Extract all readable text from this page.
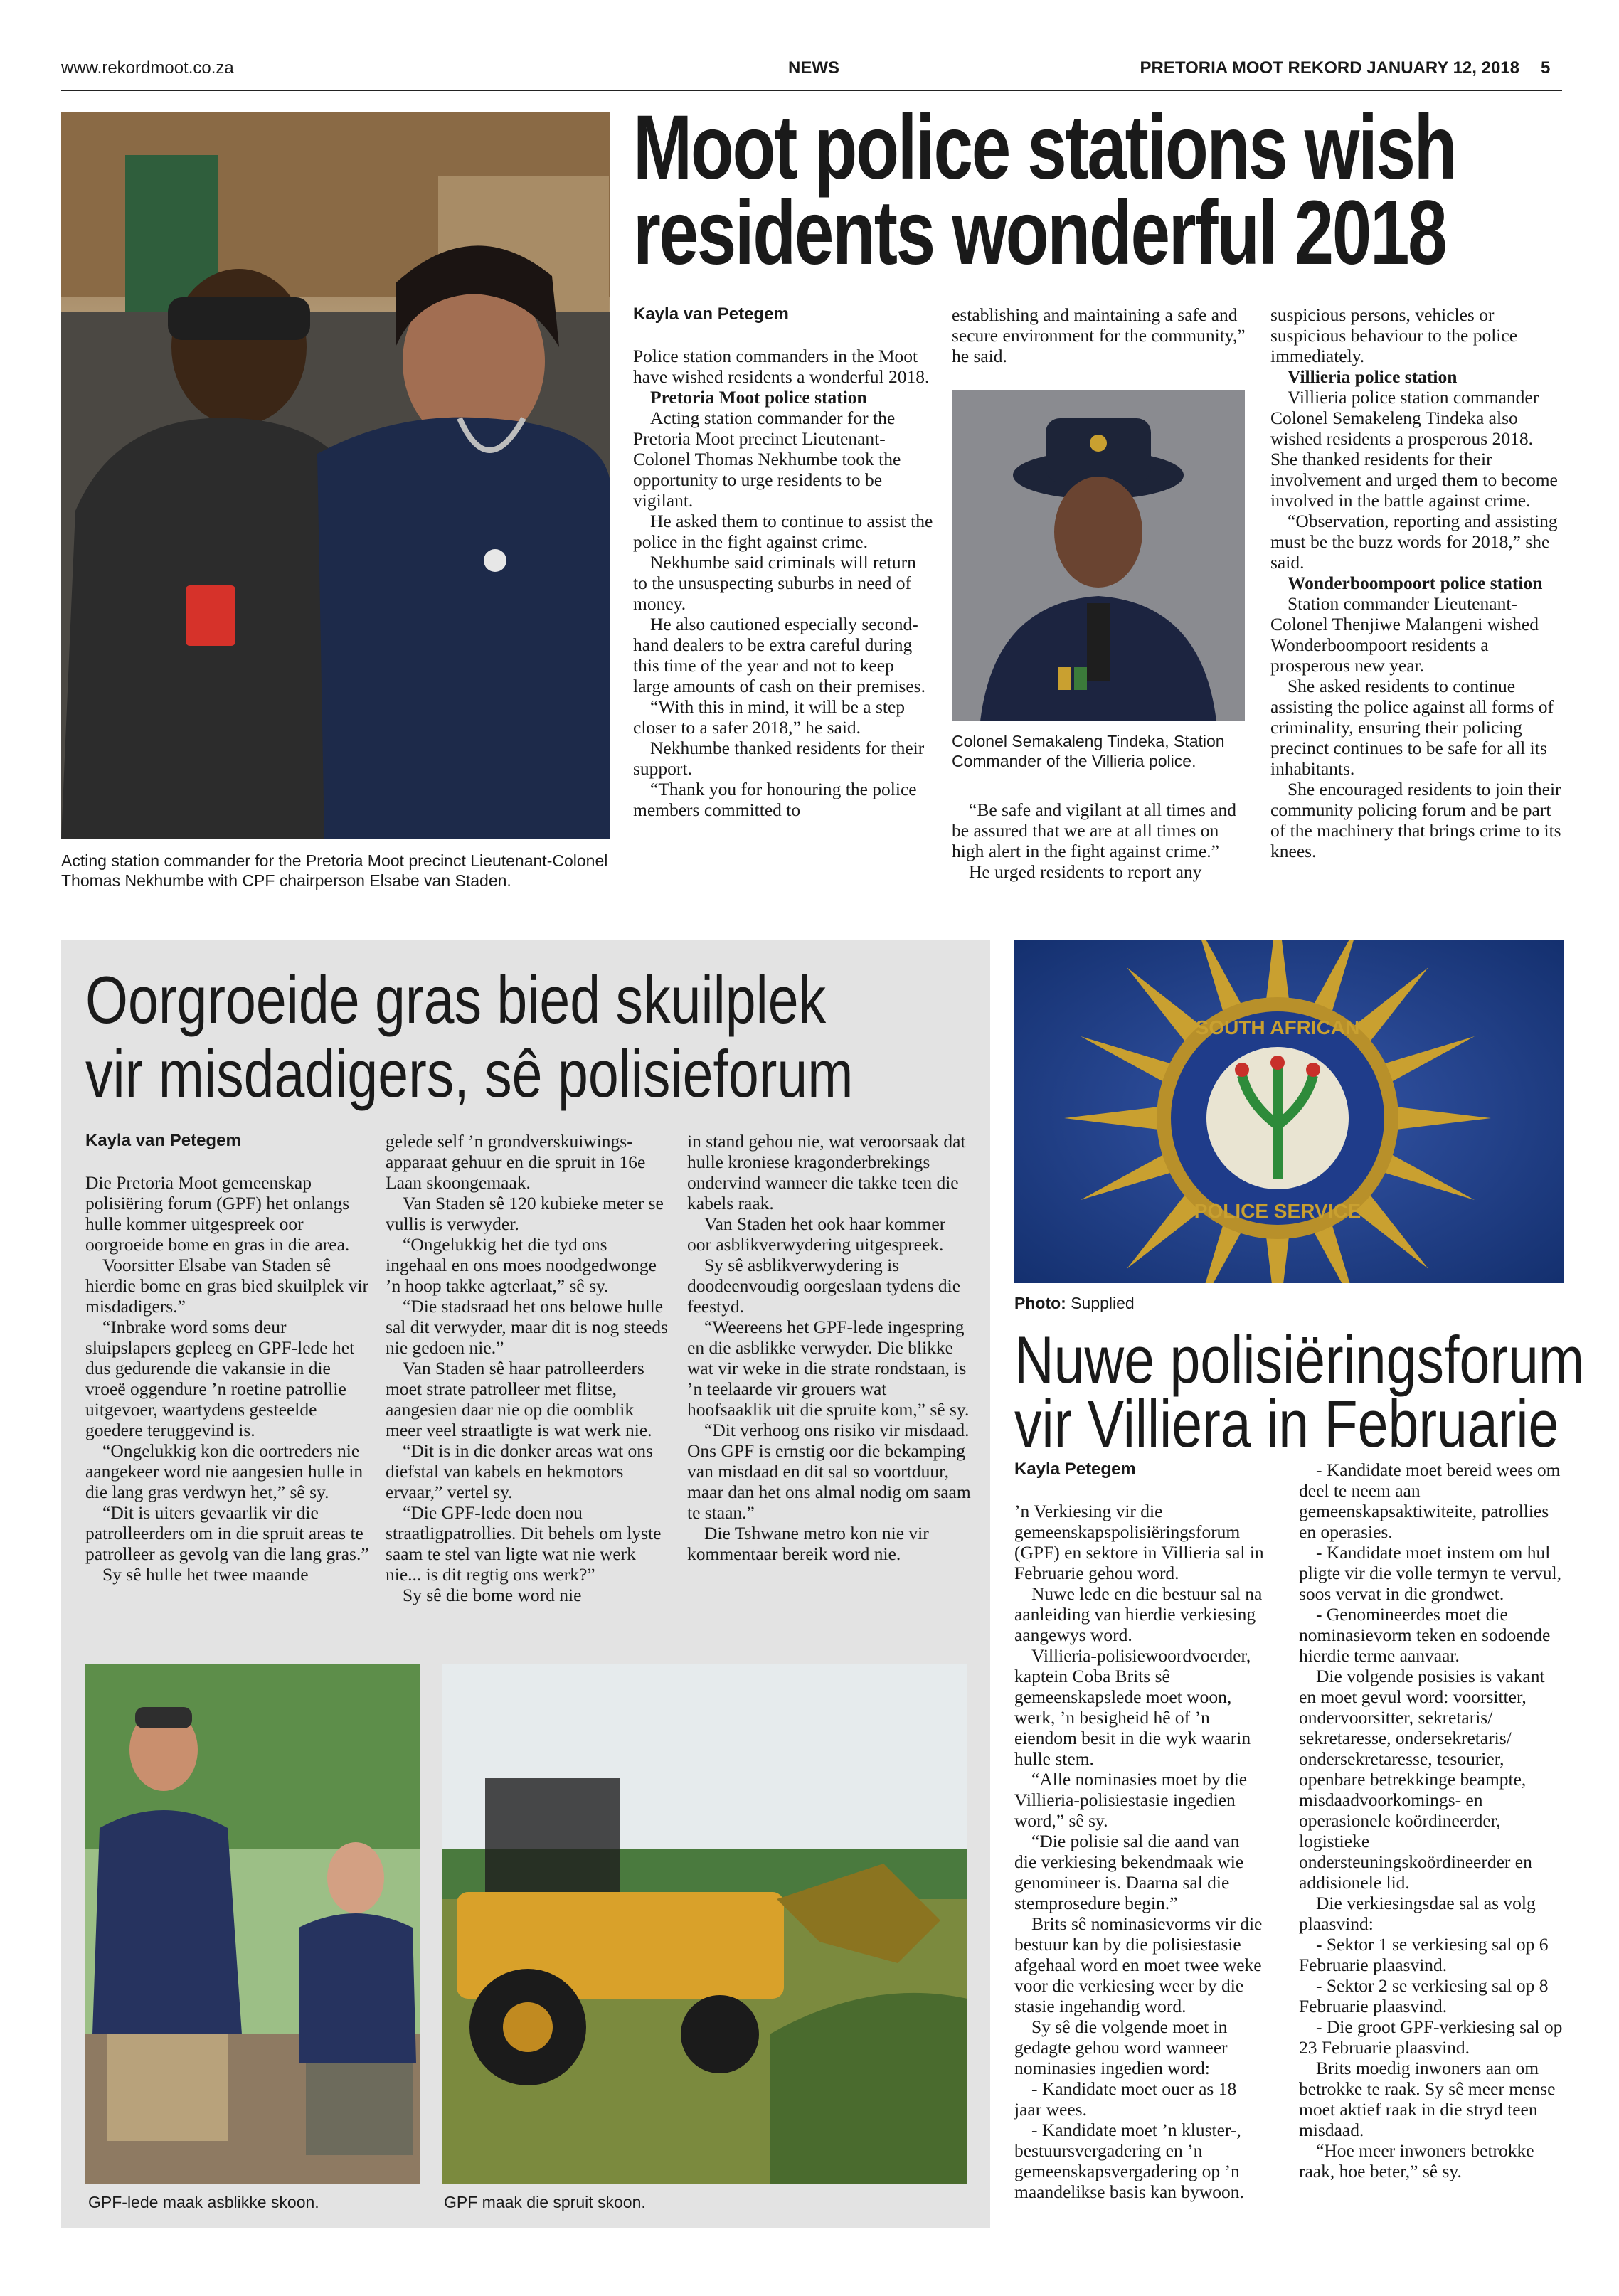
www.rekordmoot.co.za	NEWS	PRETORIA MOOT REKORD JANUARY 12, 2018 5
Acting station commander for the Pretoria Moot precinct Lieutenant-Colonel Thomas Nekhumbe with CPF chairperson Elsabe van Staden.
Moot police stations wish
residents wonderful 2018
Kayla van Petegem

Police station commanders in the Moot have wished residents a wonderful 2018.

Pretoria Moot police station

Acting station commander for the Pretoria Moot precinct Lieutenant-Colonel Thomas Nekhumbe took the opportunity to urge residents to be vigilant.

He asked them to continue to assist the police in the fight against crime.

Nekhumbe said criminals will return to the unsuspecting suburbs in need of money.

He also cautioned especially second-hand dealers to be extra careful during this time of the year and not to keep large amounts of cash on their premises.

“With this in mind, it will be a step closer to a safer 2018,” he said.

Nekhumbe thanked residents for their support.

“Thank you for honouring the police members committed to

establishing and maintaining a safe and secure environment for the community,” he said.

Colonel Semakaleng Tindeka, Station Commander of the Villieria police.

“Be safe and vigilant at all times and be assured that we are at all times on high alert in the fight against crime.”

He urged residents to report any

suspicious persons, vehicles or suspicious behaviour to the police immediately.

Villieria police station

Villieria police station commander Colonel Semakeleng Tindeka also wished residents a prosperous 2018. She thanked residents for their involvement and urged them to become involved in the battle against crime.

“Observation, reporting and assisting must be the buzz words for 2018,” she said.

Wonderboompoort police station

Station commander Lieutenant-Colonel Thenjiwe Malangeni wished Wonderboompoort residents a prosperous new year.

She asked residents to continue assisting the police against all forms of criminality, ensuring their policing precinct continues to be safe for all its inhabitants.

She encouraged residents to join their community policing forum and be part of the machinery that brings crime to its knees.

Oorgroeide gras bied skuilplek
vir misdadigers, sê polisieforum
Kayla van Petegem

Die Pretoria Moot gemeenskap polisiëring forum (GPF) het onlangs hulle kommer uitgespreek oor oorgroeide bome en gras in die area.

Voorsitter Elsabe van Staden sê hierdie bome en gras bied skuilplek vir misdadigers.”

“Inbrake word soms deur sluipslapers gepleeg en GPF-lede het dus gedurende die vakansie in die vroeë oggendure ’n roetine patrollie uitgevoer, waartydens gesteelde goedere teruggevind is.

“Ongelukkig kon die oortreders nie aangekeer word nie aangesien hulle in die lang gras verdwyn het,” sê sy.

“Dit is uiters gevaarlik vir die patrolleerders om in die spruit areas te patrolleer as gevolg van die lang gras.”

Sy sê hulle het twee maande

gelede self ’n grondverskuiwings-apparaat gehuur en die spruit in 16e Laan skoongemaak.

Van Staden sê 120 kubieke meter se vullis is verwyder.

“Ongelukkig het die tyd ons ingehaal en ons moes noodgedwonge ’n hoop takke agterlaat,” sê sy.

“Die stadsraad het ons belowe hulle sal dit verwyder, maar dit is nog steeds nie gedoen nie.”

Van Staden sê haar patrolleerders moet strate patrolleer met flitse, aangesien daar nie op die oomblik meer veel straatligte is wat werk nie.

“Dit is in die donker areas wat ons diefstal van kabels en hekmotors ervaar,” vertel sy.

“Die GPF-lede doen nou straatligpatrollies. Dit behels om lyste saam te stel van ligte wat nie werk nie... is dit regtig ons werk?”

Sy sê die bome word nie

in stand gehou nie, wat veroorsaak dat hulle kroniese kragonderbrekings ondervind wanneer die takke teen die kabels raak.

Van Staden het ook haar kommer oor asblikverwydering uitgespreek.

Sy sê asblikverwydering is doodeenvoudig oorgeslaan tydens die feestyd.

“Weereens het GPF-lede ingespring en die asblikke verwyder. Die blikke wat vir weke in die strate rondstaan, is ’n teelaarde vir grouers wat hoofsaaklik uit die spruite kom,” sê sy.

“Dit verhoog ons risiko vir misdaad. Ons GPF is ernstig oor die bekamping van misdaad en dit sal so voortduur, maar dan het ons almal nodig om saam te staan.”

Die Tshwane metro kon nie vir kommentaar bereik word nie.

GPF-lede maak asblikke skoon.	GPF maak die spruit skoon.
SOUTH AFRICAN
POLICE SERVICE
Photo: Supplied
Nuwe polisiëringsforum
vir Villiera in Februarie
Kayla Petegem

’n Verkiesing vir die gemeenskapspolisiëringsforum (GPF) en sektore in Villieria sal in Februarie gehou word.

Nuwe lede en die bestuur sal na aanleiding van hierdie verkiesing aangewys word.

Villieria-polisiewoordvoerder, kaptein Coba Brits sê gemeenskapslede moet woon, werk, ’n besigheid hê of ’n eiendom besit in die wyk waarin hulle stem.

“Alle nominasies moet by die Villieria-polisiestasie ingedien word,” sê sy.

“Die polisie sal die aand van die verkiesing bekendmaak wie genomineer is. Daarna sal die stemprosedure begin.”

Brits sê nominasievorms vir die bestuur kan by die polisiestasie afgehaal word en moet twee weke voor die verkiesing weer by die stasie ingehandig word.

Sy sê die volgende moet in gedagte gehou word wanneer nominasies ingedien word:

- Kandidate moet ouer as 18 jaar wees.

- Kandidate moet ’n kluster-, bestuursvergadering en ’n gemeenskapsvergadering op ’n maandelikse basis kan bywoon.

- Kandidate moet bereid wees om deel te neem aan gemeenskapsaktiwiteite, patrollies en operasies.

- Kandidate moet instem om hul pligte vir die volle termyn te vervul, soos vervat in die grondwet.

- Genomineerdes moet die nominasievorm teken en sodoende hierdie terme aanvaar.

Die volgende posisies is vakant en moet gevul word: voorsitter, ondervoorsitter, sekretaris/ sekretaresse, ondersekretaris/ ondersekretaresse, tesourier, openbare betrekkinge beampte, misdaadvoorkomings- en operasionele koördineerder, logistieke ondersteuningskoördineerder en addisionele lid.

Die verkiesingsdae sal as volg plaasvind:

- Sektor 1 se verkiesing sal op 6 Februarie plaasvind.

- Sektor 2 se verkiesing sal op 8 Februarie plaasvind.

- Die groot GPF-verkiesing sal op 23 Februarie plaasvind.

Brits moedig inwoners aan om betrokke te raak. Sy sê meer mense moet aktief raak in die stryd teen misdaad.

“Hoe meer inwoners betrokke raak, hoe beter,” sê sy.
